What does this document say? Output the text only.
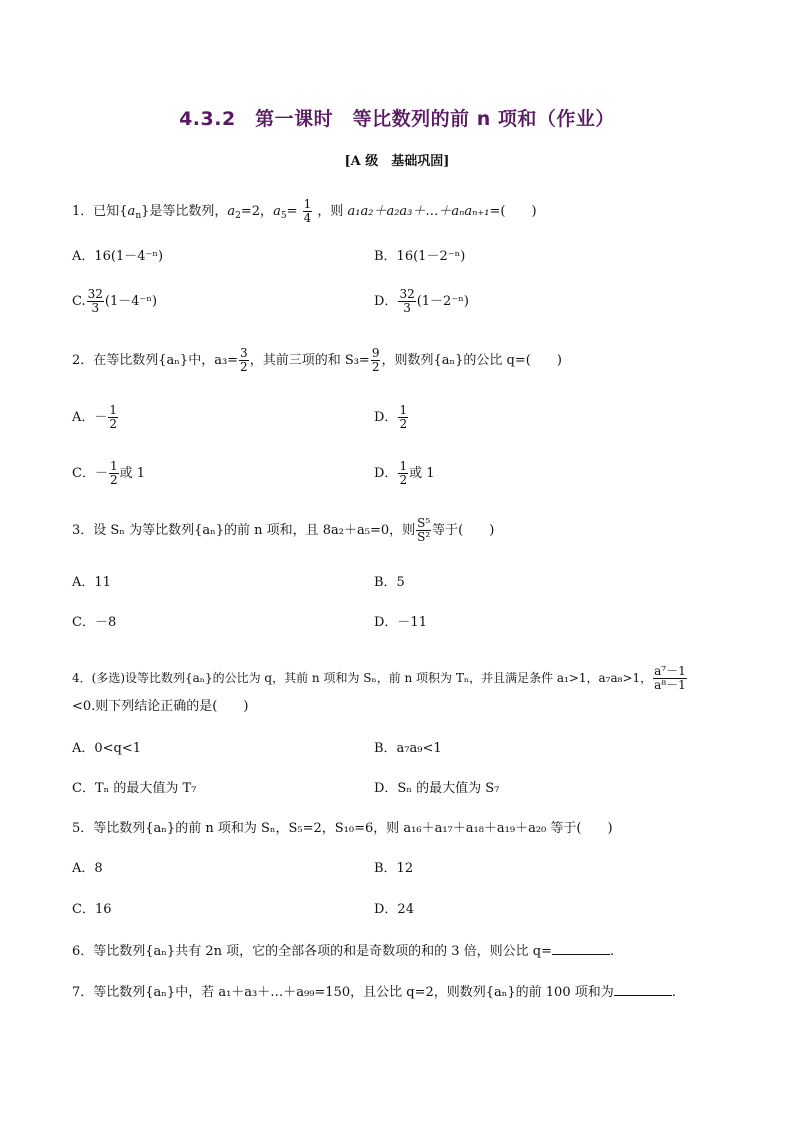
4.3.2　第一课时　等比数列的前 n 项和（作业）
[A 级　基础巩固]
1．已知$\{a_n\}$是等比数列，$a_2=2$，$a_5= \frac{1}{4}$ ，则 a₁a₂＋a₂a₃＋…＋aₙaₙ₊₁=(　　)
A．16(1－4⁻ⁿ)	B．16(1－2⁻ⁿ)
C. $\frac{32}{3} (1-4^{-n})$	D． $\frac{32}{3} (1-2^{-n})$
2．在等比数列{aₙ}中，$a_3= \frac{3}{2}$ ，其前三项的和 $S_3= \frac{9}{2}$ ，则数列{aₙ}的公比 q=(　　)
A．－ $\frac{1}{2}$	D． $\frac{1}{2}$
C．－ $\frac{1}{2}$ 或 1	D． $\frac{1}{2}$ 或 1
3．设 Sₙ 为等比数列{aₙ}的前 n 项和，且 8a₂＋a₅=0，则 $\frac{\text{S⁵}}{\text{S²}}$ 等于(　　)
A．11	B．5
C．－8	D．－11
4．(多选)设等比数列{aₙ}的公比为 q，其前 n 项和为 Sₙ，前 n 项积为 Tₙ，并且满足条件 a₁>1，a₇a₈>1， $\frac{\text{a⁷－1}}{\text{a⁸－1}}$
<0.则下列结论正确的是(　　)
A．0<q<1	B．a₇a₉<1
C．Tₙ 的最大值为 T₇	D．Sₙ 的最大值为 S₇
5．等比数列{aₙ}的前 n 项和为 Sₙ，S₅=2，S₁₀=6，则 a₁₆＋a₁₇＋a₁₈＋a₁₉＋a₂₀ 等于(　　)
A．8	B．12
C．16	D．24
6．等比数列{aₙ}共有 2n 项，它的全部各项的和是奇数项的和的 3 倍，则公比 q=	.
7．等比数列{aₙ}中，若 a₁＋a₃＋…＋a₉₉=150，且公比 q=2，则数列{aₙ}的前 100 项和为	.
